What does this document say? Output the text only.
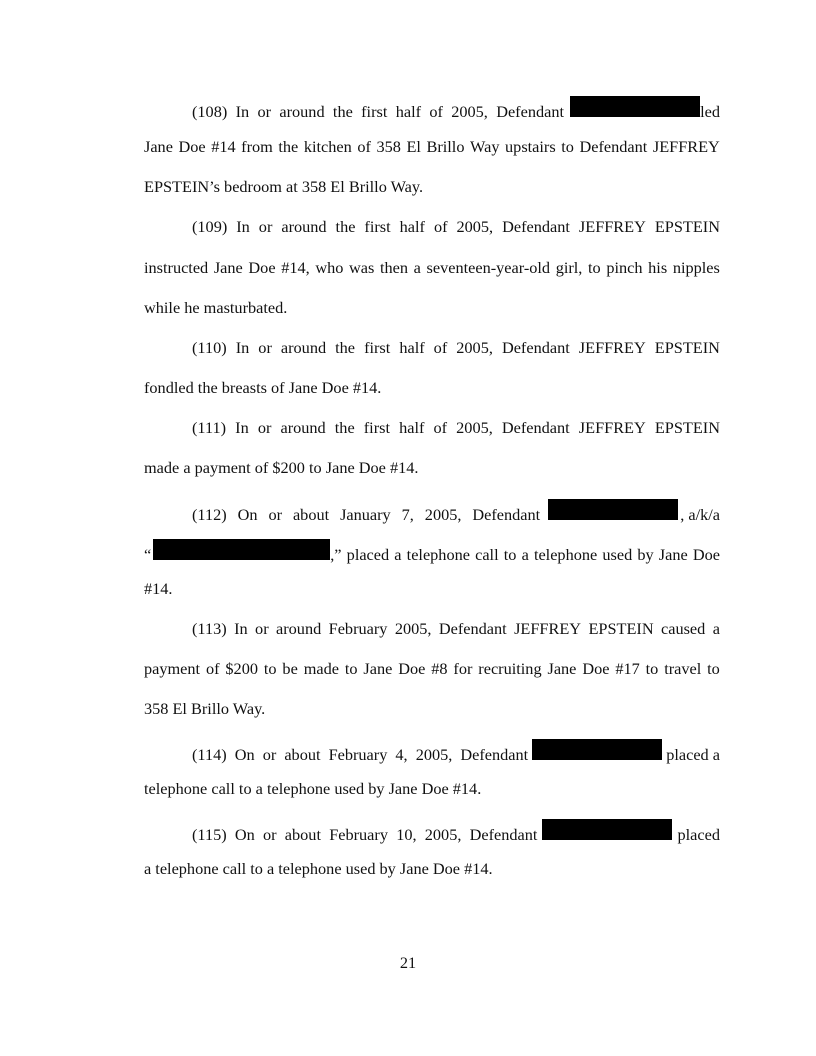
(108) In or around the first half of 2005, Defendant	led
Jane Doe #14 from the kitchen of 358 El Brillo Way upstairs to Defendant JEFFREY
EPSTEIN’s bedroom at 358 El Brillo Way.
(109) In or around the first half of 2005, Defendant JEFFREY EPSTEIN
instructed Jane Doe #14, who was then a seventeen-year-old girl, to pinch his nipples
while he masturbated.
(110) In or around the first half of 2005, Defendant JEFFREY EPSTEIN
fondled the breasts of Jane Doe #14.
(111) In or around the first half of 2005, Defendant JEFFREY EPSTEIN
made a payment of $200 to Jane Doe #14.
(112) On or about January 7, 2005, Defendant	, a/k/a
“	,” placed a telephone call to a telephone used by Jane Doe
#14.
(113) In or around February 2005, Defendant JEFFREY EPSTEIN caused a
payment of $200 to be made to Jane Doe #8 for recruiting Jane Doe #17 to travel to
358 El Brillo Way.
(114) On or about February 4, 2005, Defendant	placed a
telephone call to a telephone used by Jane Doe #14.
(115) On or about February 10, 2005, Defendant	placed
a telephone call to a telephone used by Jane Doe #14.
21
